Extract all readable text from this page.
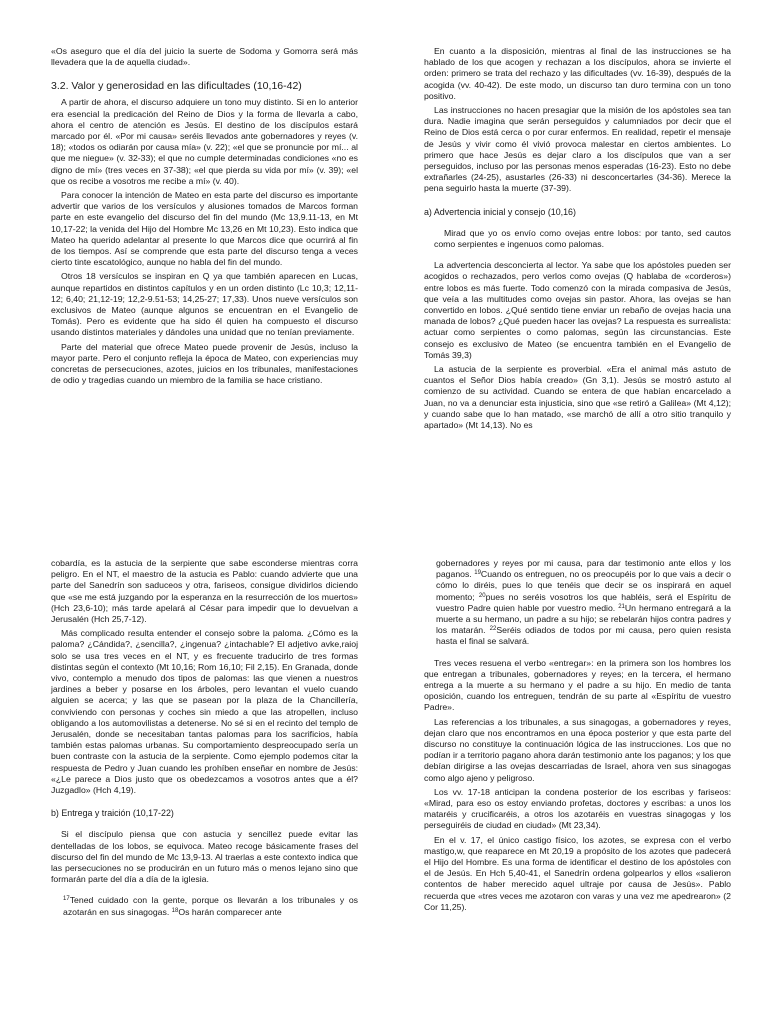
«Os aseguro que el día del juicio la suerte de Sodoma y Gomorra será más llevadera que la de aquella ciudad».

3.2. Valor y generosidad en las dificultades (10,16-42)

A partir de ahora, el discurso adquiere un tono muy distinto. Si en lo anterior era esencial la predicación del Reino de Dios y la forma de llevarla a cabo, ahora el centro de atención es Jesús. El destino de los discípulos estará marcado por él. «Por mi causa» seréis llevados ante gobernadores y reyes (v. 18); «todos os odiarán por causa mía» (v. 22); «el que se pronuncie por mí... al que me niegue» (v. 32-33); el que no cumple determinadas condiciones «no es digno de mí» (tres veces en 37-38); «el que pierda su vida por mí» (v. 39); «el que os recibe a vosotros me recibe a mí» (v. 40).

Para conocer la intención de Mateo en esta parte del discurso es importante advertir que varios de los versículos y alusiones tomados de Marcos forman parte en este evangelio del discurso del fin del mundo (Mc 13,9.11-13, en Mt 10,17-22; la venida del Hijo del Hombre Mc 13,26 en Mt 10,23). Esto indica que Mateo ha querido adelantar al presente lo que Marcos dice que ocurrirá al fin de los tiempos. Así se comprende que esta parte del discurso tenga a veces cierto tinte escatológico, aunque no habla del fin del mundo.

Otros 18 versículos se inspiran en Q ya que también aparecen en Lucas, aunque repartidos en distintos capítulos y en un orden distinto (Lc 10,3; 12,11-12; 6,40; 21,12-19; 12,2-9.51-53; 14,25-27; 17,33). Unos nueve versículos son exclusivos de Mateo (aunque algunos se encuentran en el Evangelio de Tomás). Pero es evidente que ha sido él quien ha compuesto el discurso usando distintos materiales y dándoles una unidad que no tenían previamente.

Parte del material que ofrece Mateo puede provenir de Jesús, incluso la mayor parte. Pero el conjunto refleja la época de Mateo, con experiencias muy concretas de persecuciones, azotes, juicios en los tribunales, manifestaciones de odio y tragedias cuando un miembro de la familia se hace cristiano.

En cuanto a la disposición, mientras al final de las instrucciones se ha hablado de los que acogen y rechazan a los discípulos, ahora se invierte el orden: primero se trata del rechazo y las dificultades (vv. 16-39), después de la acogida (vv. 40-42). De este modo, un discurso tan duro termina con un tono positivo.

Las instrucciones no hacen presagiar que la misión de los apóstoles sea tan dura. Nadie imagina que serán perseguidos y calumniados por decir que el Reino de Dios está cerca o por curar enfermos. En realidad, repetir el mensaje de Jesús y vivir como él vivió provoca malestar en ciertos ambientes. Lo primero que hace Jesús es dejar claro a los discípulos que van a ser perseguidos, incluso por las personas menos esperadas (16-23). Esto no debe extrañarles (24-25), asustarles (26-33) ni desconcertarles (34-36). Merece la pena seguirlo hasta la muerte (37-39).

a) Advertencia inicial y consejo (10,16)

Mirad que yo os envío como ovejas entre lobos: por tanto, sed cautos como serpientes e ingenuos como palomas.

La advertencia desconcierta al lector. Ya sabe que los apóstoles pueden ser acogidos o rechazados, pero verlos como ovejas (Q hablaba de «corderos») entre lobos es más fuerte. Todo comenzó con la mirada compasiva de Jesús, que veía a las multitudes como ovejas sin pastor. Ahora, las ovejas se han convertido en lobos. ¿Qué sentido tiene enviar un rebaño de ovejas hacia una manada de lobos? ¿Qué pueden hacer las ovejas? La respuesta es surrealista: actuar como serpientes o como palomas, según las circunstancias. Este consejo es exclusivo de Mateo (se encuentra también en el Evangelio de Tomás 39,3)

La astucia de la serpiente es proverbial. «Era el animal más astuto de cuantos el Señor Dios había creado» (Gn 3,1). Jesús se mostró astuto al comienzo de su actividad. Cuando se entera de que habían encarcelado a Juan, no va a denunciar esta injusticia, sino que «se retiró a Galilea» (Mt 4,12); y cuando sabe que lo han matado, «se marchó de allí a otro sitio tranquilo y apartado» (Mt 14,13). No es

cobardía, es la astucia de la serpiente que sabe esconderse mientras corra peligro. En el NT, el maestro de la astucia es Pablo: cuando advierte que una parte del Sanedrín son saduceos y otra, fariseos, consigue dividirlos diciendo que «se me está juzgando por la esperanza en la resurrección de los muertos» (Hch 23,6-10); más tarde apelará al César para impedir que lo devuelvan a Jerusalén (Hch 25,7-12).

Más complicado resulta entender el consejo sobre la paloma. ¿Cómo es la paloma? ¿Cándida?, ¿sencilla?, ¿ingenua? ¿intachable? El adjetivo avke,raioj solo se usa tres veces en el NT, y es frecuente traducirlo de tres formas distintas según el contexto (Mt 10,16; Rom 16,10; Fil 2,15). En Granada, donde vivo, contemplo a menudo dos tipos de palomas: las que vienen a nuestros jardines a beber y posarse en los árboles, pero levantan el vuelo cuando alguien se acerca; y las que se pasean por la plaza de la Chancillería, conviviendo con personas y coches sin miedo a que las atropellen, incluso obligando a los automovilistas a detenerse. No sé si en el recinto del templo de Jerusalén, donde se necesitaban tantas palomas para los sacrificios, había también estas palomas urbanas. Su comportamiento despreocupado sería un buen contraste con la astucia de la serpiente. Como ejemplo podemos citar la respuesta de Pedro y Juan cuando les prohíben enseñar en nombre de Jesús: «¿Le parece a Dios justo que os obedezcamos a vosotros antes que a él? Juzgadlo» (Hch 4,19).

b) Entrega y traición (10,17-22)

Si el discípulo piensa que con astucia y sencillez puede evitar las dentelladas de los lobos, se equivoca. Mateo recoge básicamente frases del discurso del fin del mundo de Mc 13,9-13. Al traerlas a este contexto indica que las persecuciones no se producirán en un futuro más o menos lejano sino que formarán parte del día a día de la iglesia.

$^{17}$Tened cuidado con la gente, porque os llevarán a los tribunales y os azotarán en sus sinagogas. $^{18}$Os harán comparecer ante

gobernadores y reyes por mi causa, para dar testimonio ante ellos y los paganos. $^{19}$Cuando os entreguen, no os preocupéis por lo que vais a decir o cómo lo diréis, pues lo que tenéis que decir se os inspirará en aquel momento; $^{20}$pues no seréis vosotros los que habléis, será el Espíritu de vuestro Padre quien hable por vuestro medio. $^{21}$Un hermano entregará a la muerte a su hermano, un padre a su hijo; se rebelarán hijos contra padres y los matarán. $^{22}$Seréis odiados de todos por mi causa, pero quien resista hasta el final se salvará.

Tres veces resuena el verbo «entregar»: en la primera son los hombres los que entregan a tribunales, gobernadores y reyes; en la tercera, el hermano entrega a la muerte a su hermano y el padre a su hijo. En medio de tanta oposición, cuando los entreguen, tendrán de su parte al «Espíritu de vuestro Padre».

Las referencias a los tribunales, a sus sinagogas, a gobernadores y reyes, dejan claro que nos encontramos en una época posterior y que esta parte del discurso no constituye la continuación lógica de las instrucciones. Los que no podían ir a territorio pagano ahora darán testimonio ante los paganos; y los que debían dirigirse a las ovejas descarriadas de Israel, ahora ven sus sinagogas como algo ajeno y peligroso.

Los vv. 17-18 anticipan la condena posterior de los escribas y fariseos: «Mirad, para eso os estoy enviando profetas, doctores y escribas: a unos los mataréis y crucificaréis, a otros los azotaréis en vuestras sinagogas y los perseguiréis de ciudad en ciudad» (Mt 23,34).

En el v. 17, el único castigo físico, los azotes, se expresa con el verbo mastigo,w, que reaparece en Mt 20,19 a propósito de los azotes que padecerá el Hijo del Hombre. Es una forma de identificar el destino de los apóstoles con el de Jesús. En Hch 5,40-41, el Sanedrín ordena golpearlos y ellos «salieron contentos de haber merecido aquel ultraje por causa de Jesús». Pablo recuerda que «tres veces me azotaron con varas y una vez me apedrearon» (2 Cor 11,25).
